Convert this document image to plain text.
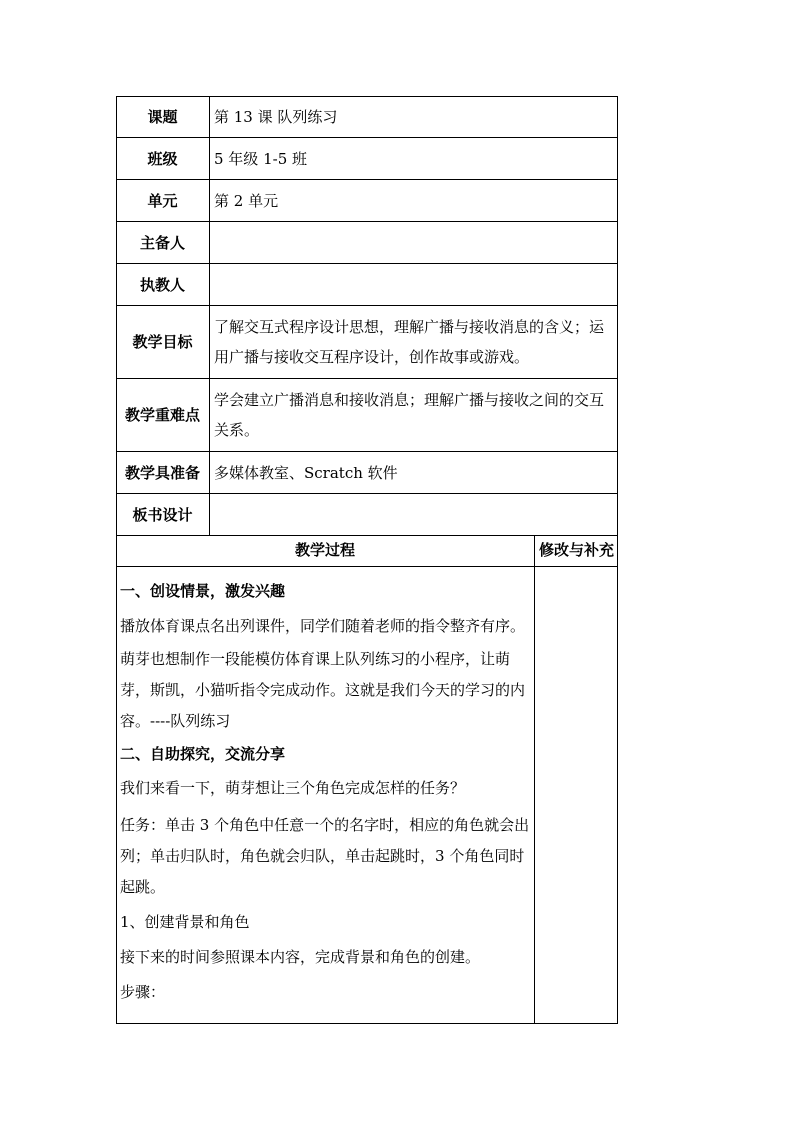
课题
班级
单元
主备人
执教人
教学目标
教学重难点
教学具准备
板书设计
第 13 课 队列练习
5 年级 1-5 班
第 2 单元
了解交互式程序设计思想，理解广播与接收消息的含义；运用广播与接收交互程序设计，创作故事或游戏。
学会建立广播消息和接收消息；理解广播与接收之间的交互关系。
多媒体教室、Scratch 软件
教学过程	修改与补充

一、创设情景，激发兴趣

播放体育课点名出列课件，同学们随着老师的指令整齐有序。

萌芽也想制作一段能模仿体育课上队列练习的小程序，让萌芽，斯凯，小猫听指令完成动作。这就是我们今天的学习的内容。----队列练习

二、自助探究，交流分享

我们来看一下，萌芽想让三个角色完成怎样的任务？

任务：单击 3 个角色中任意一个的名字时，相应的角色就会出列；单击归队时，角色就会归队，单击起跳时，3 个角色同时起跳。

1、创建背景和角色

接下来的时间参照课本内容，完成背景和角色的创建。

步骤：
